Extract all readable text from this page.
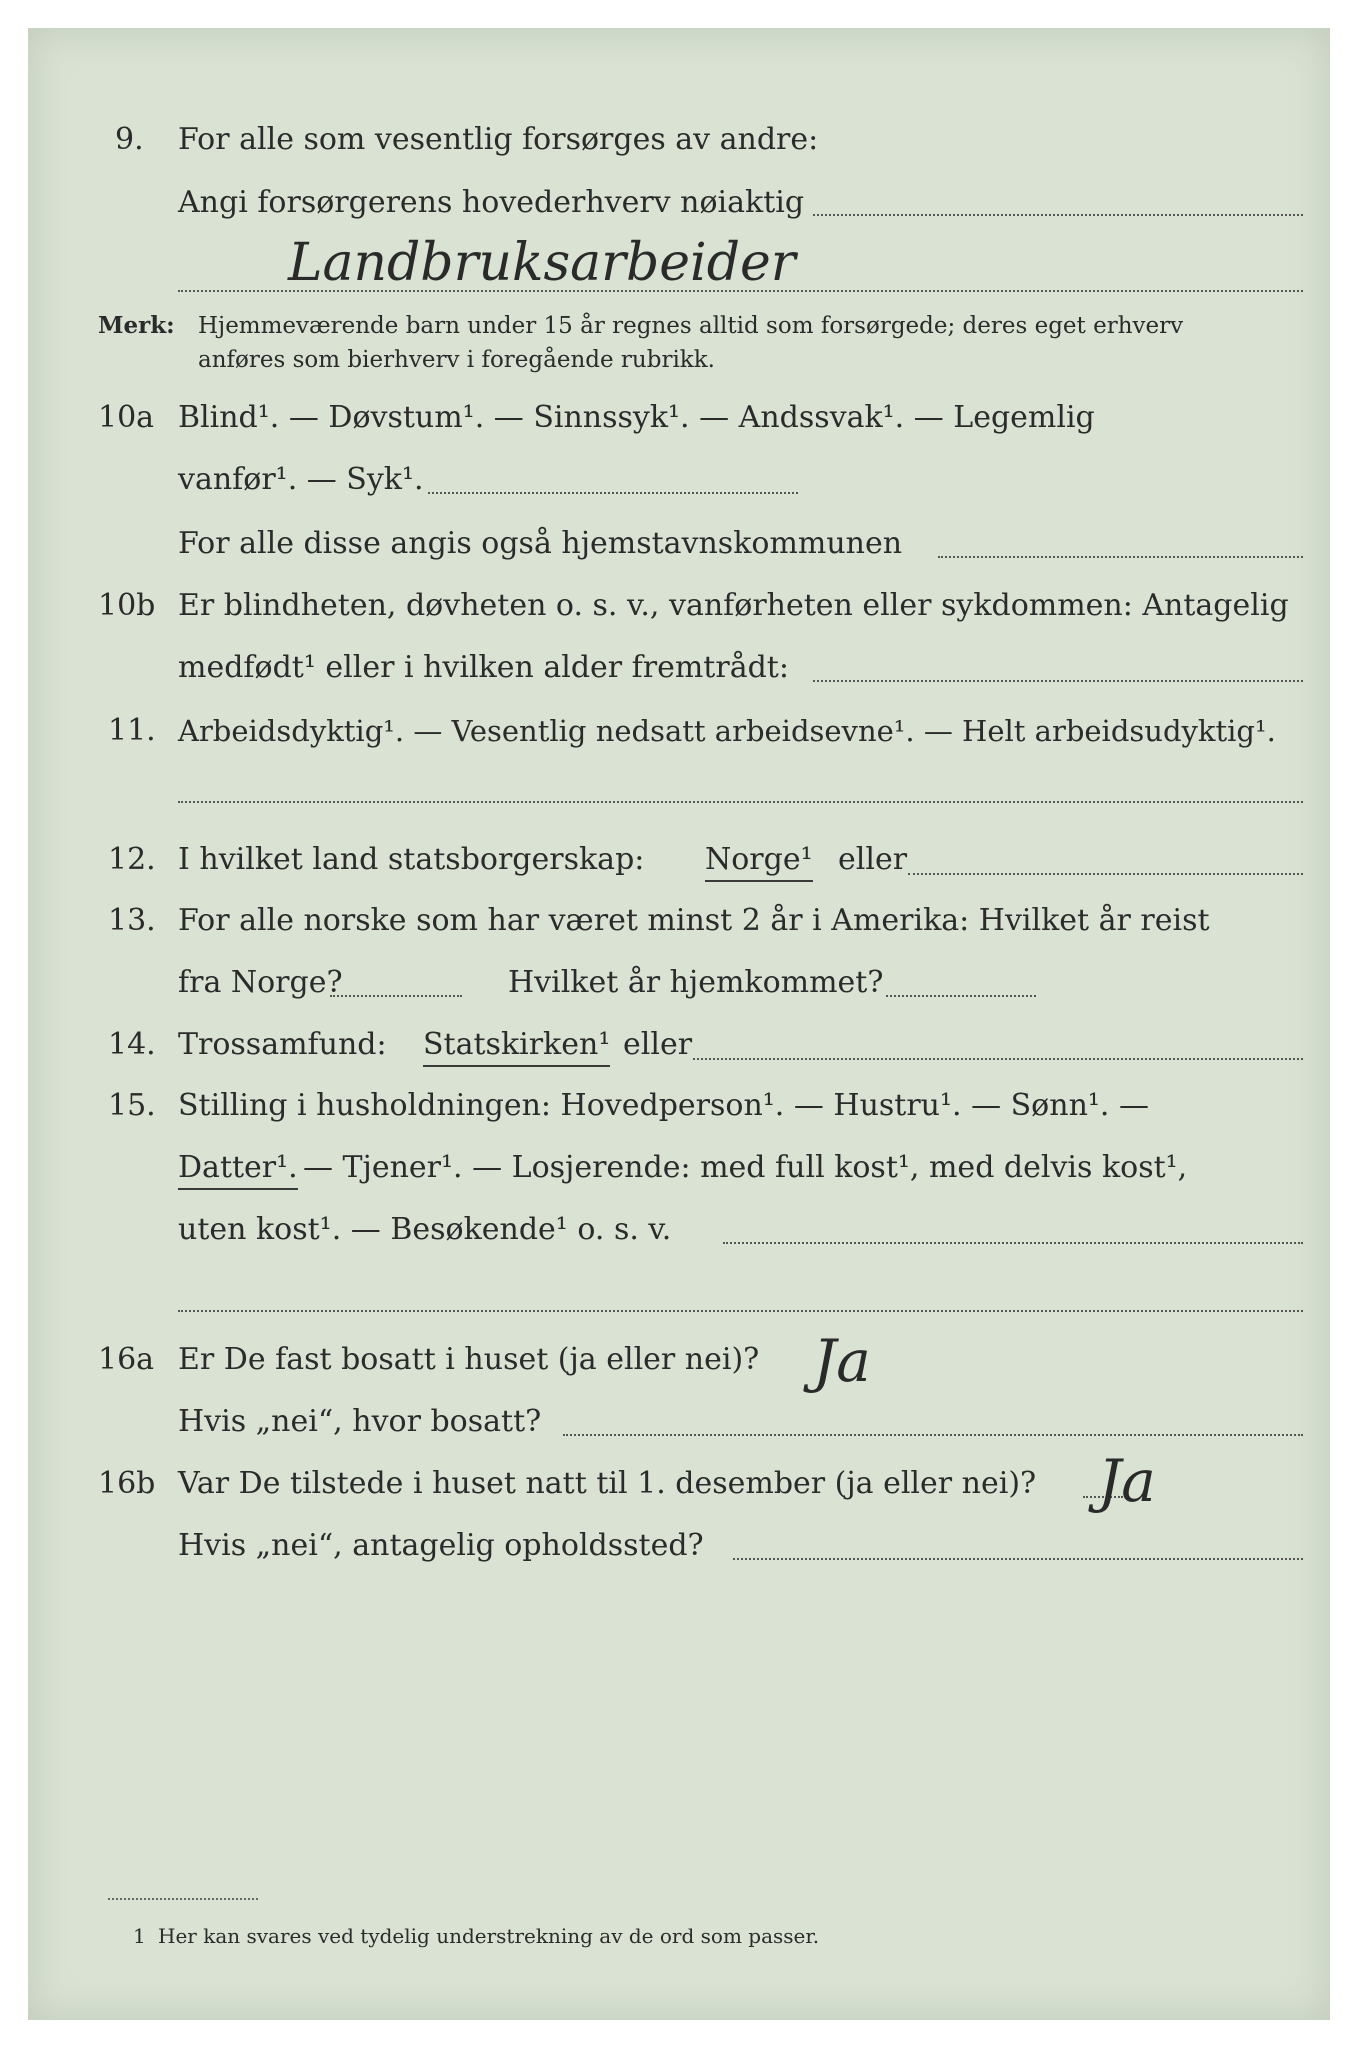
9. For alle som vesentlig forsørges av andre:
Angi forsørgerens hovederhverv nøiaktig
Landbruksarbeider
Merk: Hjemmeværende barn under 15 år regnes alltid som forsørgede; deres eget erhverv
anføres som bierhverv i foregående rubrikk.
10a Blind¹. — Døvstum¹. — Sinnssyk¹. — Andssvak¹. — Legemlig
vanfør¹. — Syk¹.
For alle disse angis også hjemstavnskommunen
10b Er blindheten, døvheten o. s. v., vanførheten eller sykdommen: Antagelig
medfødt¹ eller i hvilken alder fremtrådt:
11. Arbeidsdyktig¹. — Vesentlig nedsatt arbeidsevne¹. — Helt arbeidsudyktig¹.
12. I hvilket land statsborgerskap: Norge¹ eller
13. For alle norske som har været minst 2 år i Amerika: Hvilket år reist
fra Norge?	Hvilket år hjemkommet?
14. Trossamfund: Statskirken¹ eller
15. Stilling i husholdningen: Hovedperson¹. — Hustru¹. — Sønn¹. —
Datter¹. — Tjener¹. — Losjerende: med full kost¹, med delvis kost¹,
uten kost¹. — Besøkende¹ o. s. v.
16a Er De fast bosatt i huset (ja eller nei)? Ja
Hvis „nei“, hvor bosatt?
16b Var De tilstede i huset natt til 1. desember (ja eller nei)? Ja
Hvis „nei“, antagelig opholdssted?
1 Her kan svares ved tydelig understrekning av de ord som passer.
